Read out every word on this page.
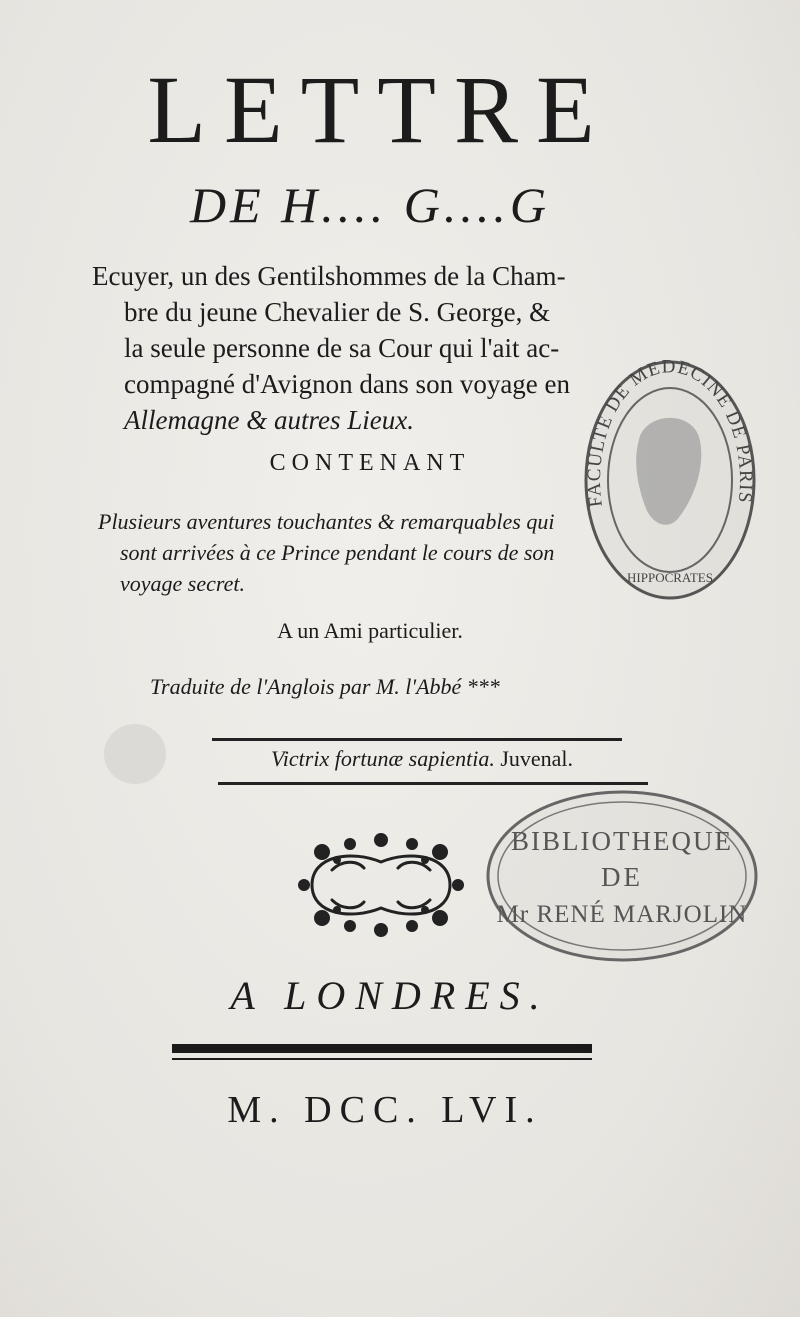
LETTRE
DE H.... G....G

Ecuyer, un des Gentilshommes de la Cham-

bre du jeune Chevalier de S. George, &

la seule personne de sa Cour qui l'ait ac-

compagné d'Avignon dans son voyage en

Allemagne & autres Lieux.

CONTENANT
Plusieurs aventures touchantes & remarquables qui
sont arrivées à ce Prince pendant le cours de son
voyage secret.
A un Ami particulier.
Traduite de l'Anglois par M. l'Abbé ***
Victrix fortunæ sapientia. Juvenal.
A LONDRES.
M. DCC. LVI.
FACULTE DE MEDECINE DE PARIS
HIPPOCRATES
BIBLIOTHEQUE
DE
Mr RENÉ MARJOLIN
